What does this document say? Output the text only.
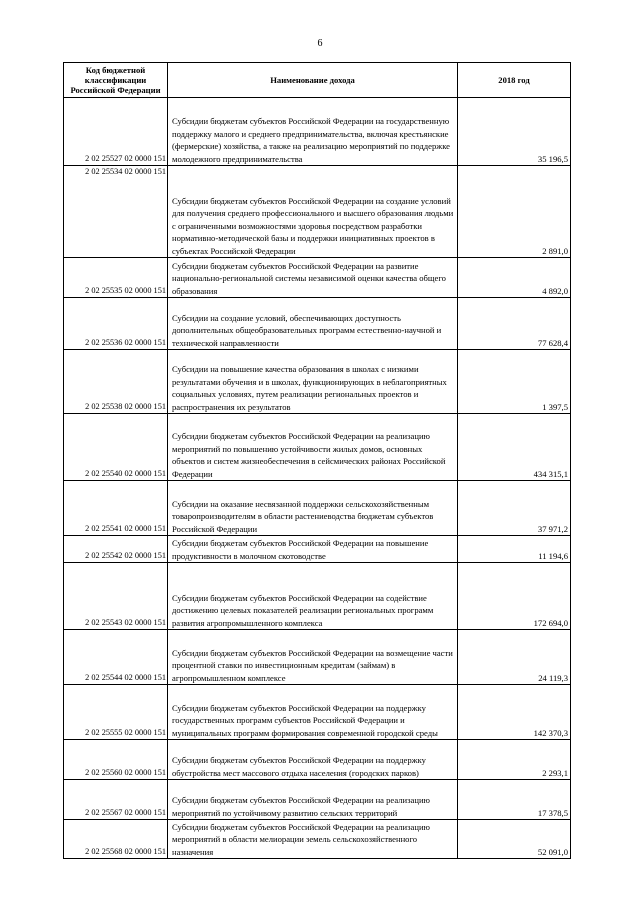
6
Код бюджетной классификации Российской Федерации	Наименование дохода	2018 год
2 02 25527 02 0000 151	Субсидии бюджетам субъектов Российской Федерации на государственную поддержку малого и среднего предпринимательства, включая крестьянские (фермерские) хозяйства, а также на реализацию мероприятий по поддержке молодежного предпринимательства	35 196,5
2 02 25534 02 0000 151	Субсидии бюджетам субъектов Российской Федерации на создание условий для получения среднего профессионального и высшего образования людьми с ограниченными возможностями здоровья посредством разработки нормативно-методической базы и поддержки инициативных проектов в субъектах Российской Федерации	2 891,0
2 02 25535 02 0000 151	Субсидии бюджетам субъектов Российской Федерации на развитие национально-региональной системы независимой оценки качества общего образования	4 892,0
2 02 25536 02 0000 151	Субсидии на создание условий, обеспечивающих доступность дополнительных общеобразовательных программ естественно-научной и технической направленности	77 628,4
2 02 25538 02 0000 151	Субсидии на повышение качества образования в школах с низкими результатами обучения и в школах, функционирующих в неблагоприятных социальных условиях, путем реализации региональных проектов и распространения их результатов	1 397,5
2 02 25540 02 0000 151	Субсидии бюджетам субъектов Российской Федерации на реализацию мероприятий по повышению устойчивости жилых домов, основных объектов и систем жизнеобеспечения в сейсмических районах Российской Федерации	434 315,1
2 02 25541 02 0000 151	Субсидии на оказание несвязанной поддержки сельскохозяйственным товаропроизводителям в области растениеводства бюджетам субъектов Российской Федерации	37 971,2
2 02 25542 02 0000 151	Субсидии бюджетам субъектов Российской Федерации на повышение продуктивности в молочном скотоводстве	11 194,6
2 02 25543 02 0000 151	Субсидии бюджетам субъектов Российской Федерации на содействие достижению целевых показателей реализации региональных программ развития агропромышленного комплекса	172 694,0
2 02 25544 02 0000 151	Субсидии бюджетам субъектов Российской Федерации на возмещение части процентной ставки по инвестиционным кредитам (займам) в агропромышленном комплексе	24 119,3
2 02 25555 02 0000 151	Субсидии бюджетам субъектов Российской Федерации на поддержку государственных программ субъектов Российской Федерации и муниципальных программ формирования современной городской среды	142 370,3
2 02 25560 02 0000 151	Субсидии бюджетам субъектов Российской Федерации на поддержку обустройства мест массового отдыха населения (городских парков)	2 293,1
2 02 25567 02 0000 151	Субсидии бюджетам субъектов Российской Федерации на реализацию мероприятий по устойчивому развитию сельских территорий	17 378,5
2 02 25568 02 0000 151	Субсидии бюджетам субъектов Российской Федерации на реализацию мероприятий в области мелиорации земель сельскохозяйственного назначения	52 091,0
